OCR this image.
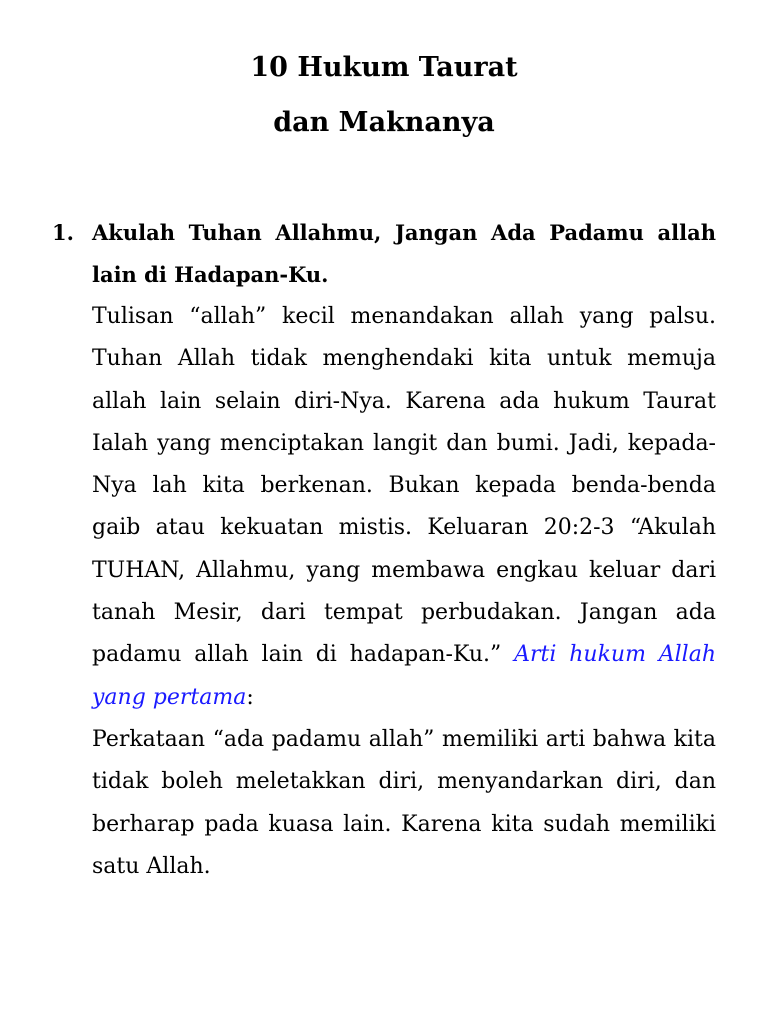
10 Hukum Taurat
dan Maknanya
1. Akulah Tuhan Allahmu, Jangan Ada Padamu allah lain di Hadapan-Ku.

Tulisan “allah” kecil menandakan allah yang palsu. Tuhan Allah tidak menghendaki kita untuk memuja allah lain selain diri-Nya. Karena ada hukum Taurat Ialah yang menciptakan langit dan bumi. Jadi, kepada-Nya lah kita berkenan. Bukan kepada benda-benda gaib atau kekuatan mistis. Keluaran 20:2-3 “Akulah TUHAN, Allahmu, yang membawa engkau keluar dari tanah Mesir, dari tempat perbudakan. Jangan ada padamu allah lain di hadapan-Ku.” Arti hukum Allah yang pertama:

Perkataan “ada padamu allah” memiliki arti bahwa kita tidak boleh meletakkan diri, menyandarkan diri, dan berharap pada kuasa lain. Karena kita sudah memiliki satu Allah.
